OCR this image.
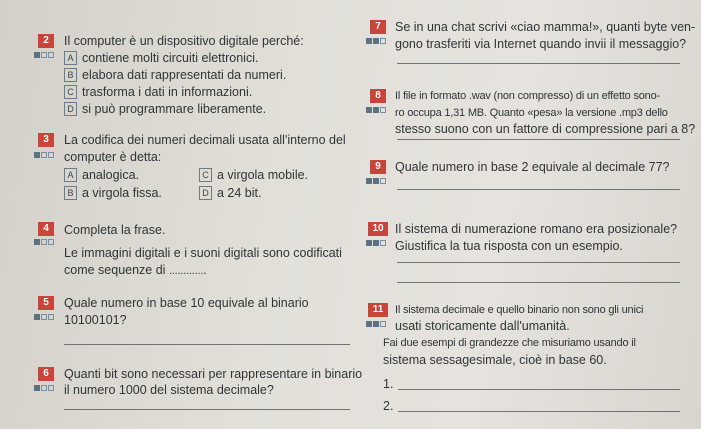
2	Il computer è un dispositivo digitale perché:
A contiene molti circuiti elettronici.
B elabora dati rappresentati da numeri.
C trasforma i dati in informazioni.
D si può programmare liberamente.
3	La codifica dei numeri decimali usata all'interno del
computer è detta:
A analogica.	C a virgola mobile.
B a virgola fissa.	D a 24 bit.
4	Completa la frase.
Le immagini digitali e i suoni digitali sono codificati
come sequenze di .............
5	Quale numero in base 10 equivale al binario
10100101?
6	Quanti bit sono necessari per rappresentare in binario
il numero 1000 del sistema decimale?
7	Se in una chat scrivi «ciao mamma!», quanti byte ven-
gono trasferiti via Internet quando invii il messaggio?
8	Il file in formato .wav (non compresso) di un effetto sono-
ro occupa 1,31 MB. Quanto «pesa» la versione .mp3 dello
stesso suono con un fattore di compressione pari a 8?
9	Quale numero in base 2 equivale al decimale 77?
10 Il sistema di numerazione romano era posizionale?
Giustifica la tua risposta con un esempio.
11	Il sistema decimale e quello binario non sono gli unici
usati storicamente dall'umanità.
Fai due esempi di grandezze che misuriamo usando il
sistema sessagesimale, cioè in base 60.
1.
2.
